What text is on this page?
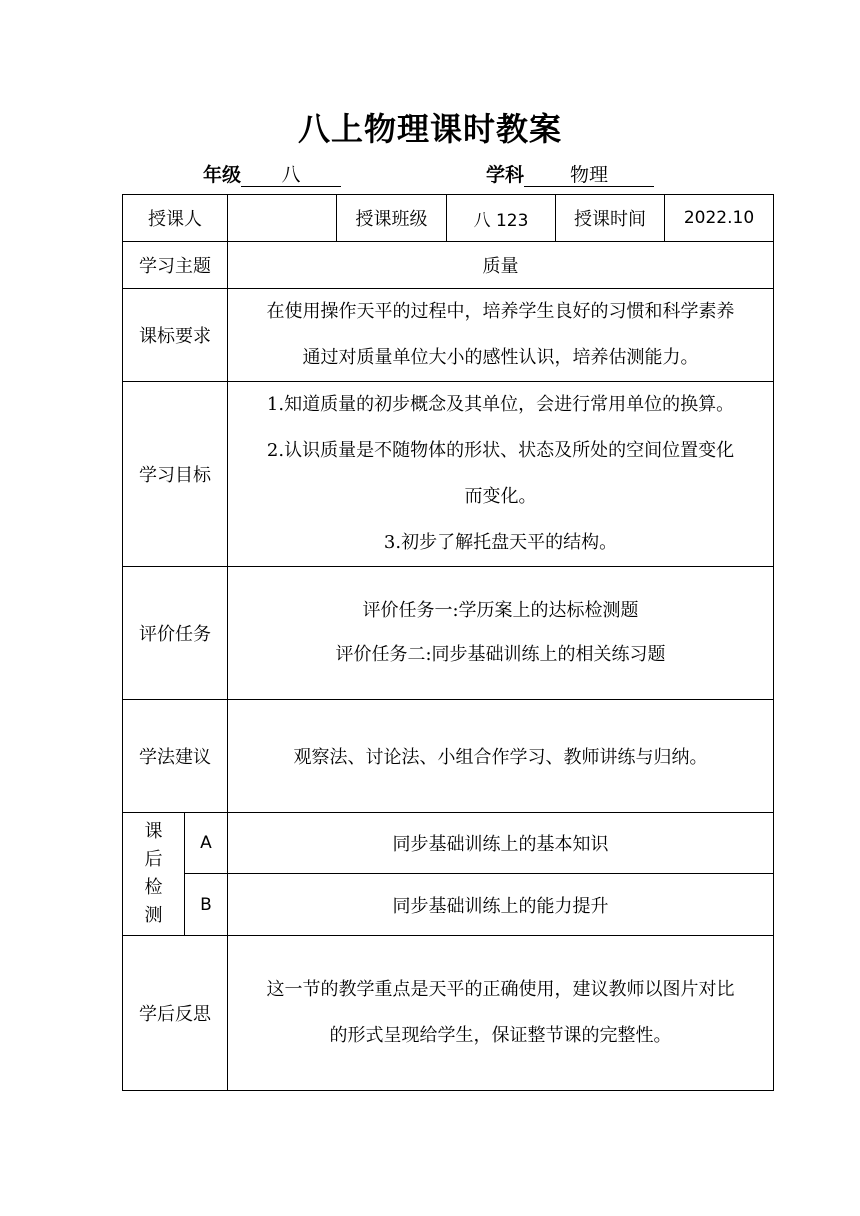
八上物理课时教案
年级 八	学科 物理
授课人			授课班级	八 123	授课时间	2022.10
学习主题		质量				
课标要求		在使用操作天平的过程中，培养学生良好的习惯和科学素养
通过对质量单位大小的感性认识，培养估测能力。				

学习目标		1.知道质量的初步概念及其单位，会进行常用单位的换算。
2.认识质量是不随物体的形状、状态及所处的空间位置变化
而变化。
3.初步了解托盘天平的结构。				

评价任务		评价任务一:学历案上的达标检测题
评价任务二:同步基础训练上的相关练习题				

学法建议		观察法、讨论法、小组合作学习、教师讲练与归纳。				

课
后
检
测	A	同步基础训练上的基本知识				
	B	同步基础训练上的能力提升				
学后反思		这一节的教学重点是天平的正确使用，建议教师以图片对比
的形式呈现给学生，保证整节课的完整性。				
